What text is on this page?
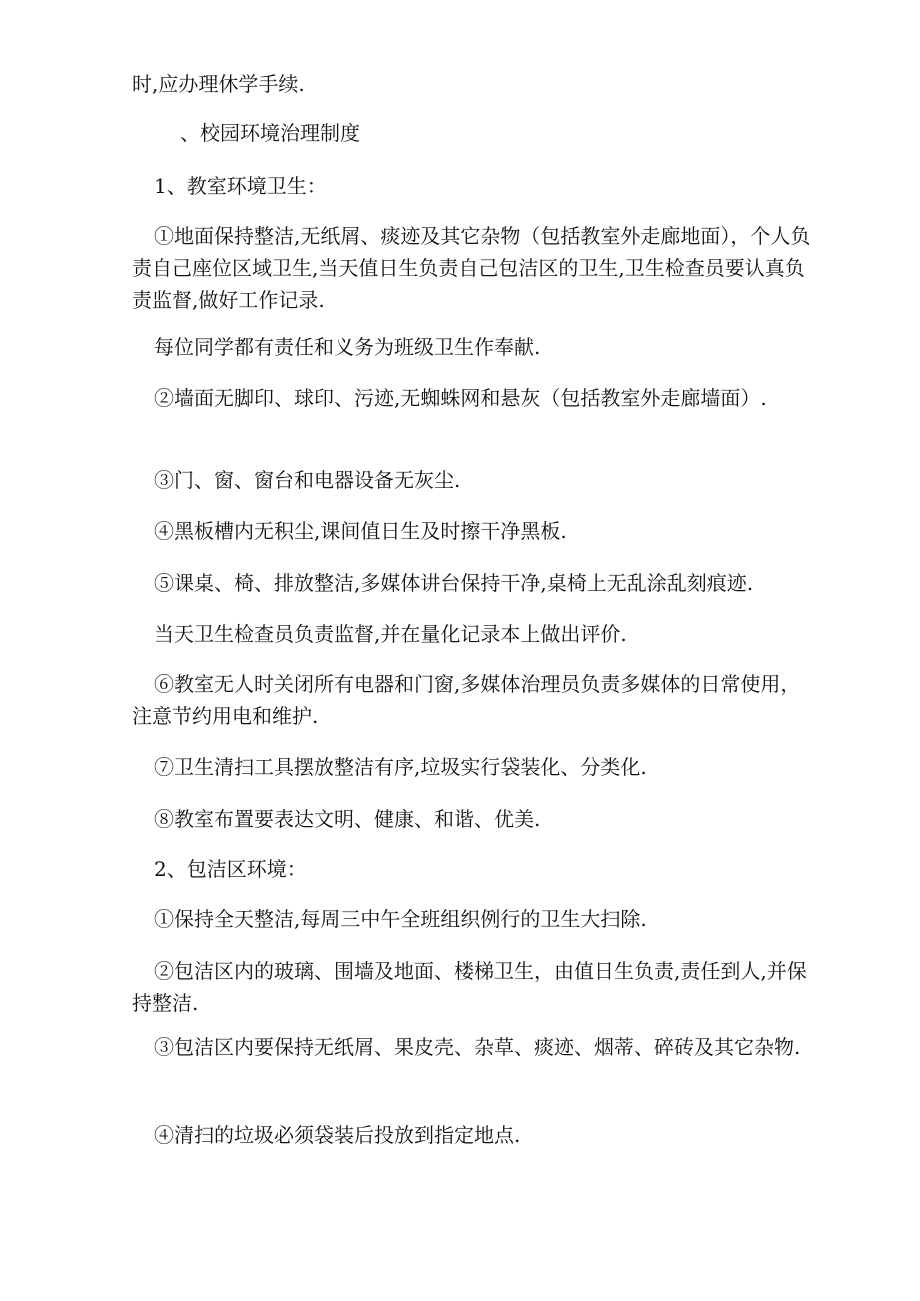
时,应办理休学手续.

、校园环境治理制度

1、教室环境卫生：

①地面保持整洁,无纸屑、痰迹及其它杂物（包括教室外走廊地面），个人负责自己座位区域卫生,当天值日生负责自己包洁区的卫生,卫生检查员要认真负责监督,做好工作记录.

每位同学都有责任和义务为班级卫生作奉献.

②墙面无脚印、球印、污迹,无蜘蛛网和悬灰（包括教室外走廊墙面）.

③门、窗、窗台和电器设备无灰尘.

④黑板槽内无积尘,课间值日生及时擦干净黑板.

⑤课桌、椅、排放整洁,多媒体讲台保持干净,桌椅上无乱涂乱刻痕迹.

当天卫生检查员负责监督,并在量化记录本上做出评价.

⑥教室无人时关闭所有电器和门窗,多媒体治理员负责多媒体的日常使用，注意节约用电和维护.

⑦卫生清扫工具摆放整洁有序,垃圾实行袋装化、分类化.

⑧教室布置要表达文明、健康、和谐、优美.

2、包洁区环境：

①保持全天整洁,每周三中午全班组织例行的卫生大扫除.

②包洁区内的玻璃、围墙及地面、楼梯卫生，由值日生负责,责任到人,并保持整洁.

③包洁区内要保持无纸屑、果皮壳、杂草、痰迹、烟蒂、碎砖及其它杂物.

④清扫的垃圾必须袋装后投放到指定地点.
